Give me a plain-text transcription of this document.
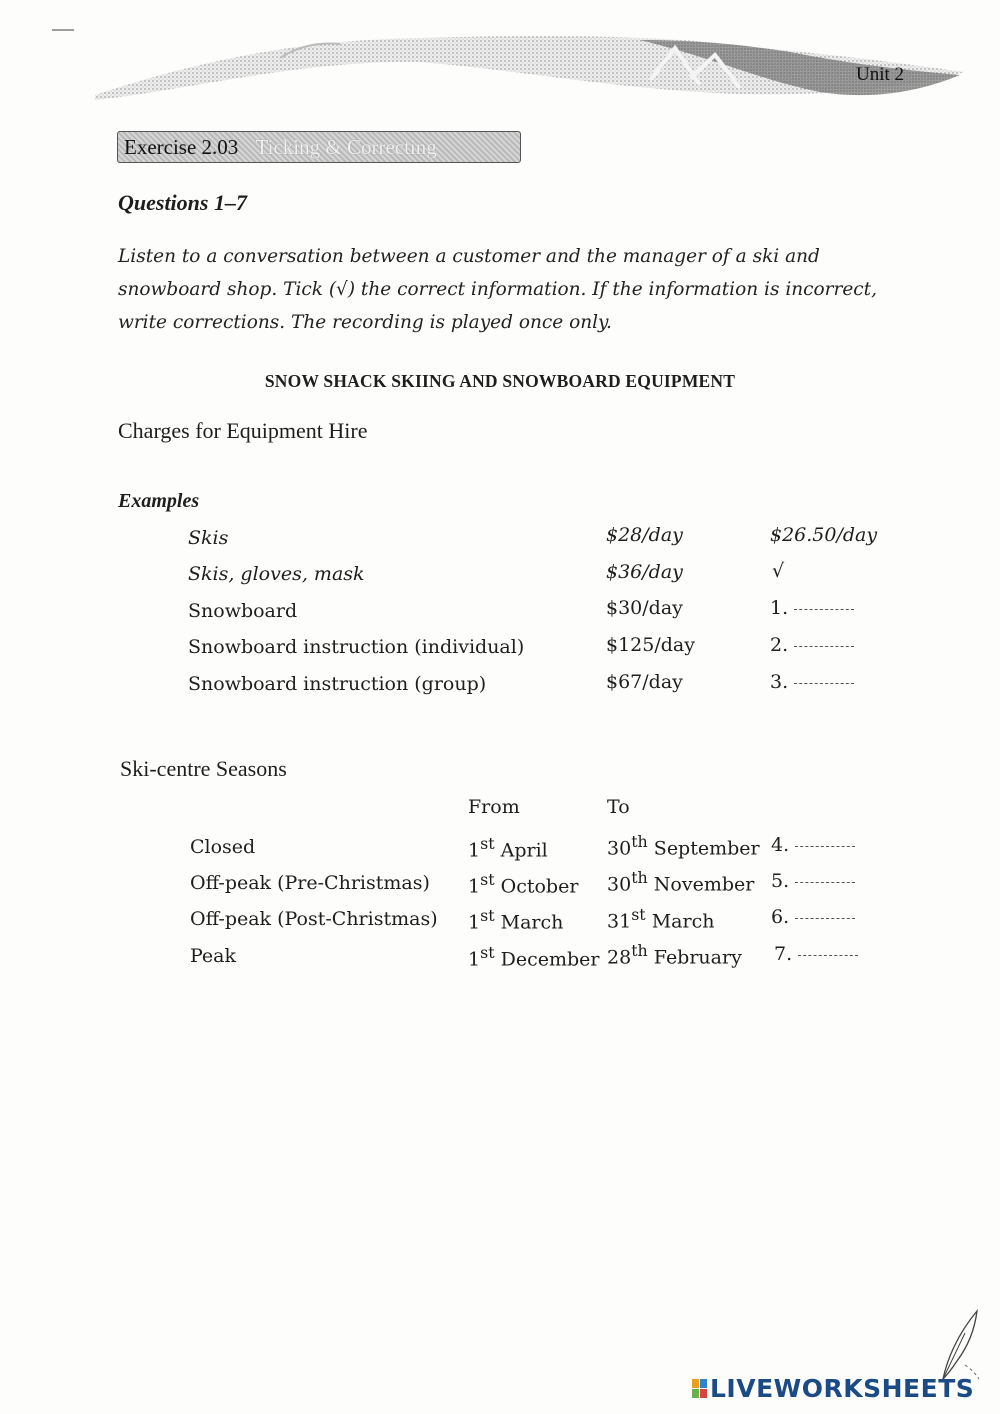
Unit 2
Exercise 2.03 Ticking & Correcting
Questions 1–7
Listen to a conversation between a customer and the manager of a ski and snowboard shop. Tick (√) the correct information. If the information is incorrect, write corrections. The recording is played once only.
SNOW SHACK SKIING AND SNOWBOARD EQUIPMENT
Charges for Equipment Hire
Examples
Skis	$28/day	$26.50/day
Skis, gloves, mask	$36/day	√
Snowboard	$30/day	1.
Snowboard instruction (individual)	$125/day	2.
Snowboard instruction (group)	$67/day	3.
Ski-centre Seasons
From	To
Closed	1st April	30th September 4.
Off-peak (Pre-Christmas) 1st October 30th November 5.
Off-peak (Post-Christmas) 1st March 31st March	6.
Peak	1st December 28th February 7.
LIVEWORKSHEETS
